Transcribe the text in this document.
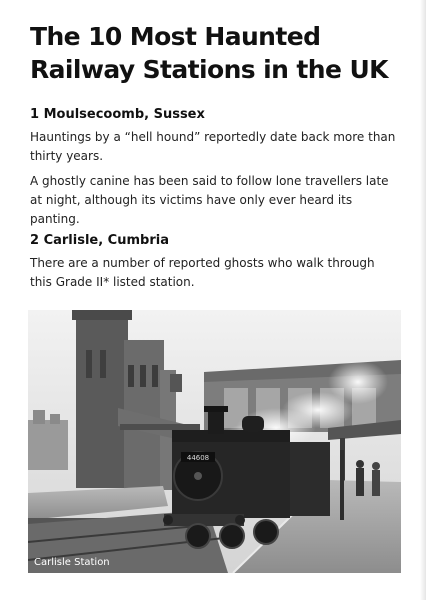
The 10 Most Haunted
Railway Stations in the UK
1 Moulsecoomb, Sussex

Hauntings by a “hell hound” reportedly date back more than thirty years.

A ghostly canine has been said to follow lone travellers late at night, although its victims have only ever heard its panting.

2 Carlisle, Cumbria

There are a number of reported ghosts who walk through this Grade II* listed station.

44608
Carlisle Station
